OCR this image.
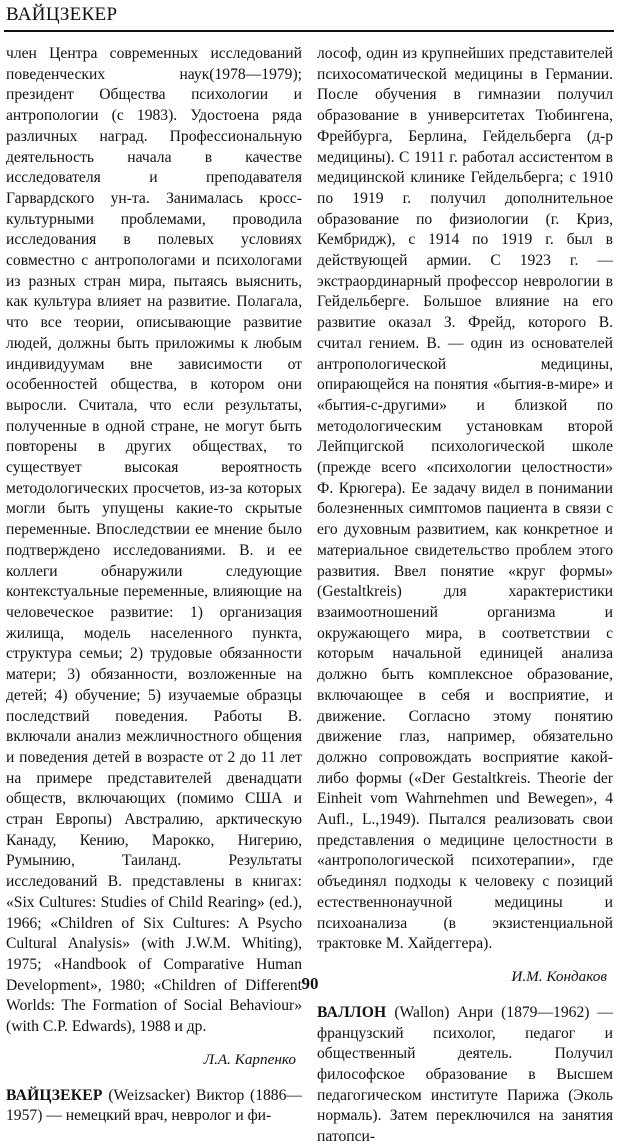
ВАЙЦЗЕКЕР

член Центра современных исследований поведенческих наук(1978—1979); президент Общества психологии и антропологии (с 1983). Удостоена ряда различных наград. Профессиональную деятельность начала в качестве исследователя и преподавателя Гарвардского ун-та. Занималась кросс-культурными проблемами, проводила исследования в полевых условиях совместно с антропологами и психологами из разных стран мира, пытаясь выяснить, как культура влияет на развитие. Полагала, что все теории, описывающие развитие людей, должны быть приложимы к любым индивидуумам вне зависимости от особенностей общества, в котором они выросли. Считала, что если результаты, полученные в одной стране, не могут быть повторены в других обществах, то существует высокая вероятность методологических просчетов, из-за которых могли быть упущены какие-то скрытые переменные. Впоследствии ее мнение было подтверждено исследованиями. В. и ее коллеги обнаружили следующие контекстуальные переменные, влияющие на человеческое развитие: 1) организация жилища, модель населенного пункта, структура семьи; 2) трудовые обязанности матери; 3) обязанности, возложенные на детей; 4) обучение; 5) изучаемые образцы последствий поведения. Работы В. включали анализ межличностного общения и поведения детей в возрасте от 2 до 11 лет на примере представителей двенадцати обществ, включающих (помимо США и стран Европы) Австралию, арктическую Канаду, Кению, Марокко, Нигерию, Румынию, Таиланд. Результаты исследований В. представлены в книгах: «Six Cultures: Studies of Child Rearing» (ed.), 1966; «Children of Six Cultures: A Psycho Cultural Analysis» (with J.W.M. Whiting), 1975; «Handbook of Comparative Human Development», 1980; «Children of Different Worlds: The Formation of Social Behaviour» (with C.P. Edwards), 1988 и др.

Л.А. Карпенко

ВАЙЦЗЕКЕР (Weizsacker) Виктор (1886—1957) — немецкий врач, невролог и фи-

лософ, один из крупнейших представителей психосоматической медицины в Германии. После обучения в гимназии получил образование в университетах Тюбингена, Фрейбурга, Берлина, Гейдельберга (д-р медицины). С 1911 г. работал ассистентом в медицинской клинике Гейдельберга; с 1910 по 1919 г. получил дополнительное образование по физиологии (г. Криз, Кембридж), с 1914 по 1919 г. был в действующей армии. С 1923 г. — экстраординарный профессор неврологии в Гейдельберге. Большое влияние на его развитие оказал З. Фрейд, которого В. считал гением. В. — один из основателей антропологической медицины, опирающейся на понятия «бытия-в-мире» и «бытия-с-другими» и близкой по методологическим установкам второй Лейпцигской психологической школе (прежде всего «психологии целостности» Ф. Крюгера). Ее задачу видел в понимании болезненных симптомов пациента в связи с его духовным развитием, как конкретное и материальное свидетельство проблем этого развития. Ввел понятие «круг формы» (Gestaltkreis) для характеристики взаимоотношений организма и окружающего мира, в соответствии с которым начальной единицей анализа должно быть комплексное образование, включающее в себя и восприятие, и движение. Согласно этому понятию движение глаз, например, обязательно должно сопровождать восприятие какой-либо формы («Der Gestaltkreis. Theorie der Einheit vom Wahrnehmen und Bewegen», 4 Aufl., L.,1949). Пытался реализовать свои представления о медицине целостности в «антропологической психотерапии», где объединял подходы к человеку с позиций естественнонаучной медицины и психоанализа (в экзистенциальной трактовке М. Хайдеггера).

И.М. Кондаков

ВАЛЛОН (Wallon) Анри (1879—1962) — французский психолог, педагог и общественный деятель. Получил философское образование в Высшем педагогическом институте Парижа (Эколь нормаль). Затем переключился на занятия патопси-

90
